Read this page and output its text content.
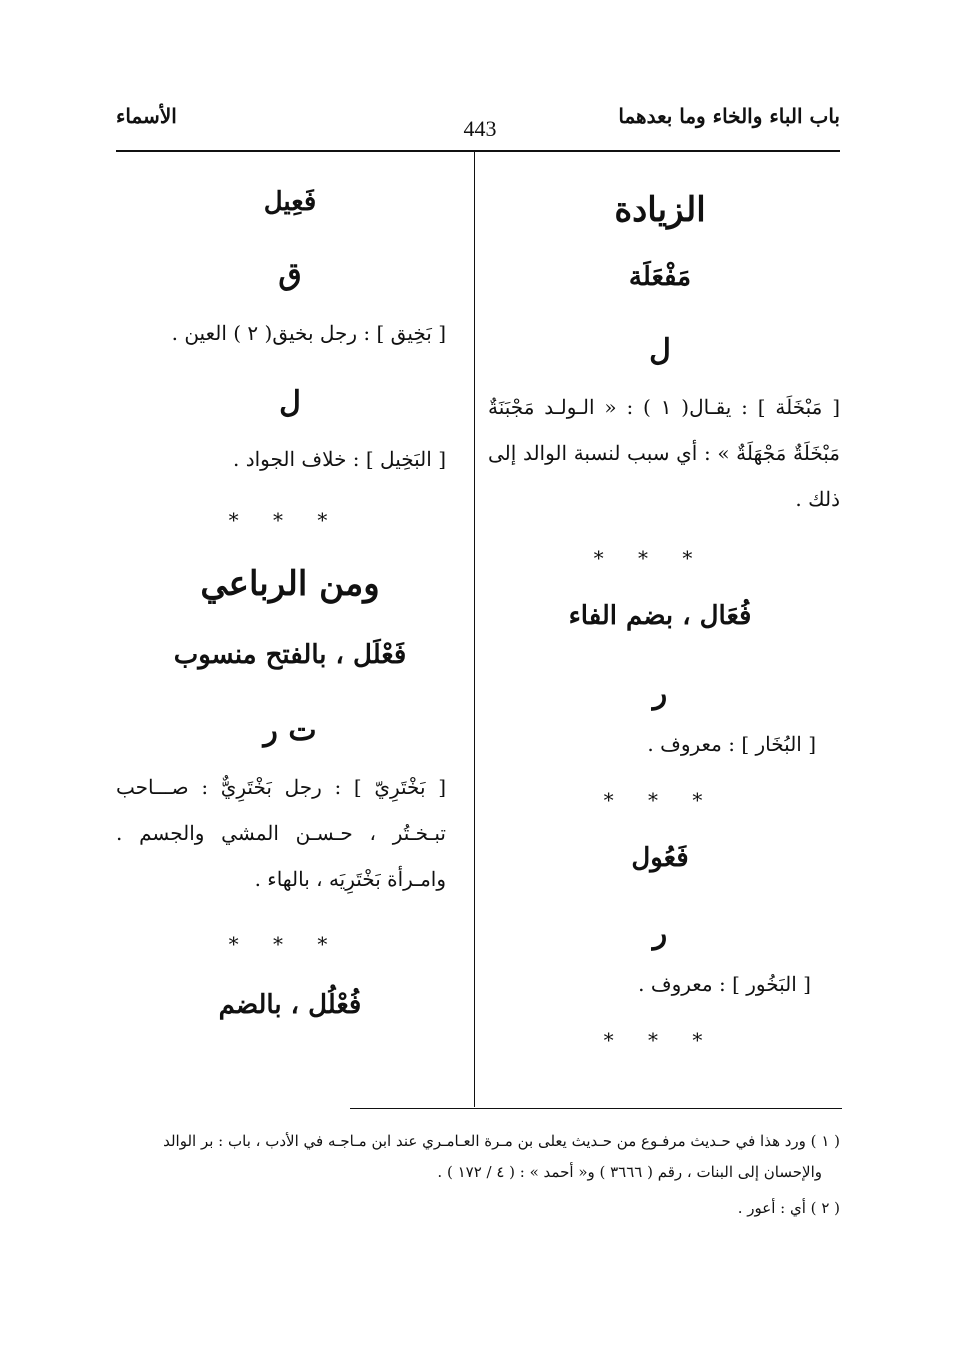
باب الباء والخاء وما بعدهما
443
الأسماء
الزيادة
مَفْعَلَة
ل
[ مَبْخَلَة ] : يقـال( ١ ) : « الـولـد مَجْبَنَةٌ مَبْخَلَةٌ مَجْهَلَةٌ » : أي سبب لنسبة الوالد إلى ذلك .
* * *
فُعَال ، بضم الفاء
ر
[ البُخَار ] : معروف .
* * *
فَعُول
ر
[ البَخُور ] : معروف .
* * *
فَعِيل
ق
[ بَخِيق ] : رجل بخيق( ٢ ) العين .
ل
[ البَخِيل ] : خلاف الجواد .
* * *
ومن الرباعي
فَعْلَل ، بالفتح منسوب
ت ر
[ بَخْتَرِيّ ] : رجل بَخْتَرِيٌّ : صـــاحب تبـخـتُر ، حـسـن المشي والجسم . وامـرأة بَخْتَرِيَه ، بالهاء .
* * *
فُعْلُل ، بالضم
( ١ ) ورد هذا في حـديث مرفـوع من حـديث يعلى بن مـرة العـامـري عند ابن مـاجـه في الأدب ، باب : بر الوالد
والإحسان إلى البنات ، رقم ( ٣٦٦٦ ) و« أحمد » : ( ٤ / ١٧٢ ) .
( ٢ ) أي : أعور .
